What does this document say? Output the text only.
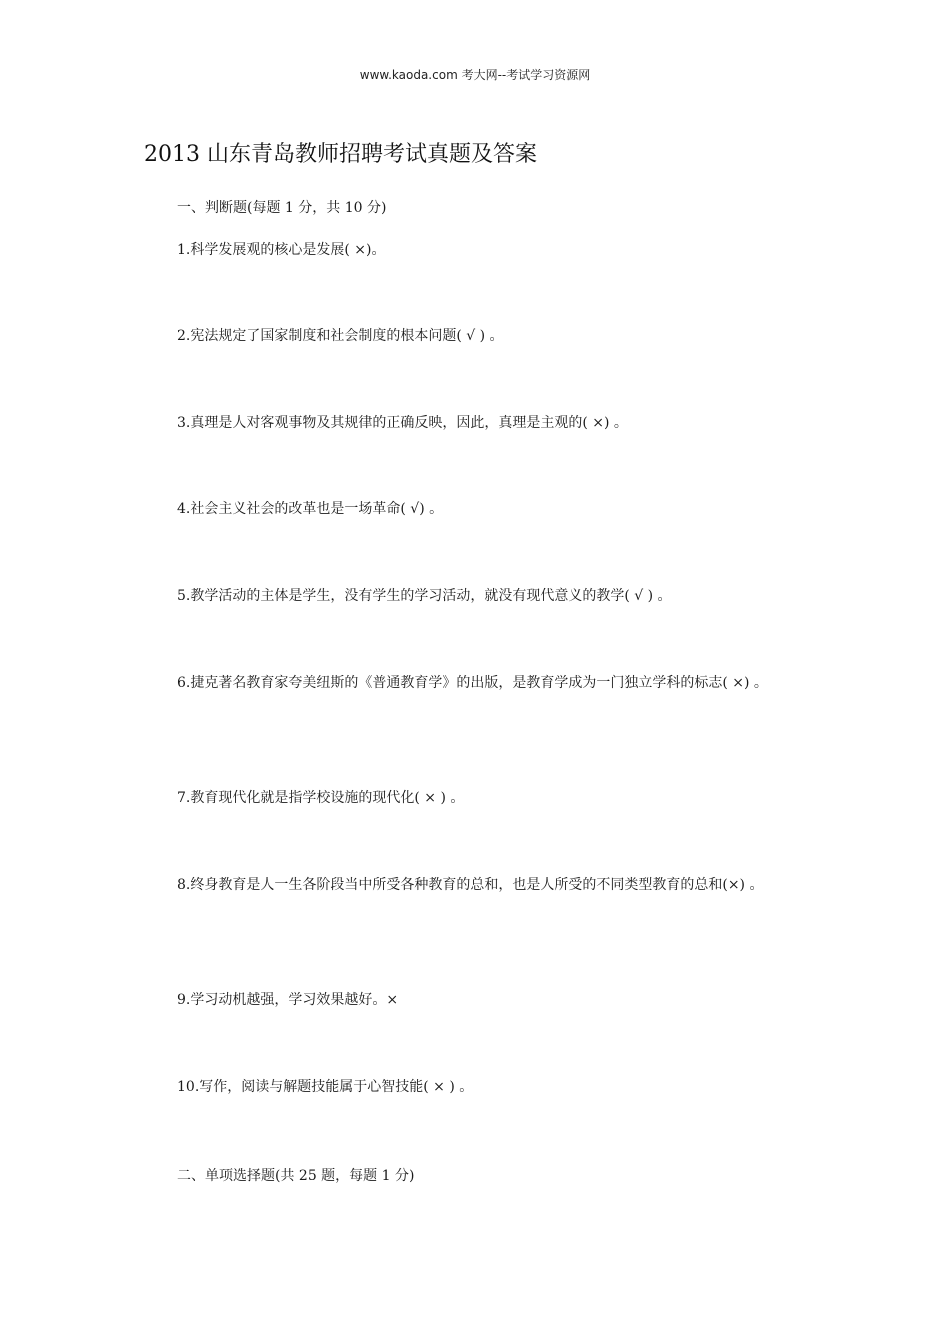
www.kaoda.com 考大网--考试学习资源网
2013 山东青岛教师招聘考试真题及答案
一、判断题(每题 1 分，共 10 分)
1.科学发展观的核心是发展( ×)。
2.宪法规定了国家制度和社会制度的根本问题( √ ) 。
3.真理是人对客观事物及其规律的正确反映，因此，真理是主观的( ×) 。
4.社会主义社会的改革也是一场革命( √) 。
5.教学活动的主体是学生，没有学生的学习活动，就没有现代意义的教学( √ ) 。
6.捷克著名教育家夸美纽斯的《普通教育学》的出版，是教育学成为一门独立学科的标志( ×) 。
7.教育现代化就是指学校设施的现代化( × ) 。
8.终身教育是人一生各阶段当中所受各种教育的总和，也是人所受的不同类型教育的总和(×) 。
9.学习动机越强，学习效果越好。×
10.写作，阅读与解题技能属于心智技能( × ) 。
二、单项选择题(共 25 题，每题 1 分)
